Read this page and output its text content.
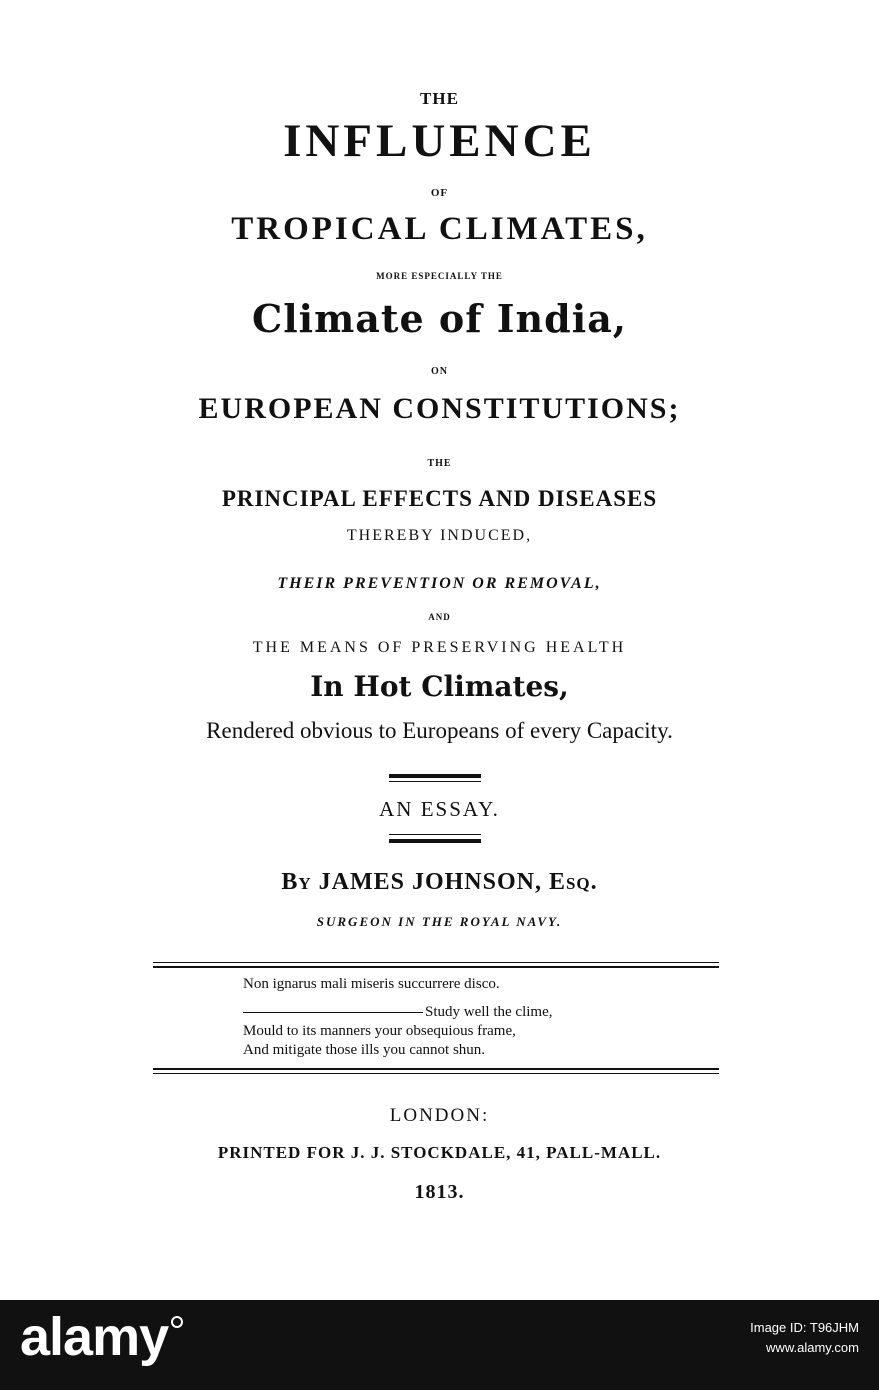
THE
INFLUENCE
OF
TROPICAL CLIMATES,
MORE ESPECIALLY THE
Climate of India,
ON
EUROPEAN CONSTITUTIONS;
THE
PRINCIPAL EFFECTS AND DISEASES
THEREBY INDUCED,
THEIR PREVENTION OR REMOVAL,
AND
THE MEANS OF PRESERVING HEALTH
In Hot Climates,
Rendered obvious to Europeans of every Capacity.
AN ESSAY.
By JAMES JOHNSON, Esq.
SURGEON IN THE ROYAL NAVY.
Non ignarus mali miseris succurrere disco.
Study well the clime,
Mould to its manners your obsequious frame,
And mitigate those ills you cannot shun.
LONDON:
PRINTED FOR J. J. STOCKDALE, 41, PALL-MALL.
1813.
alamy	Image ID: T96JHM
www.alamy.com
